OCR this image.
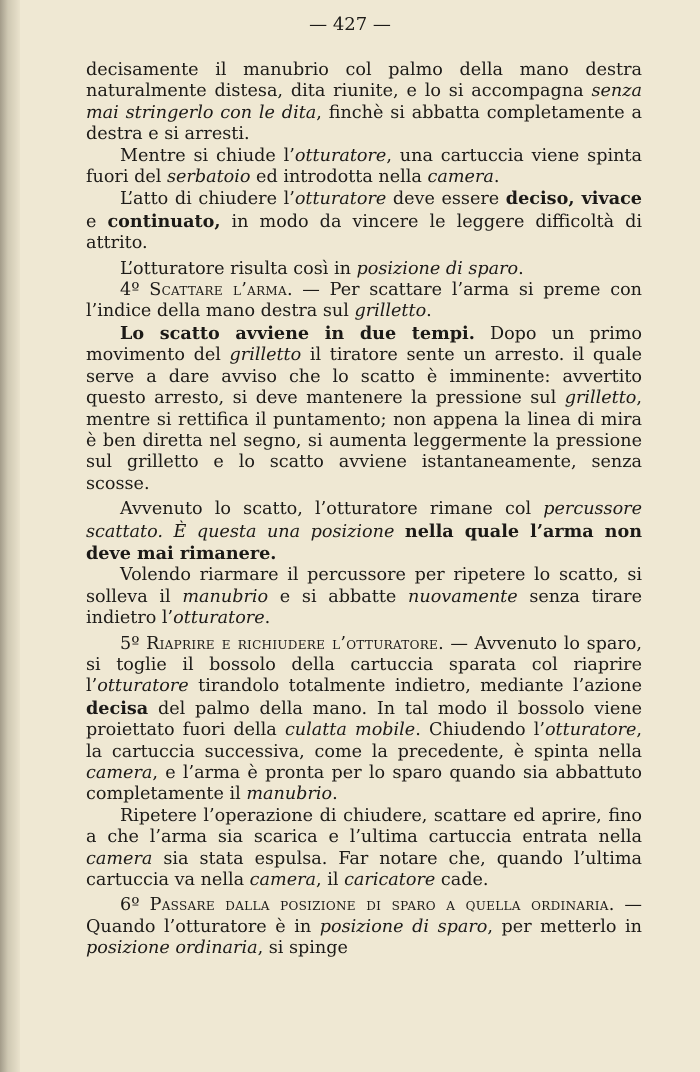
— 427 —

decisamente il manubrio col palmo della mano destra naturalmente distesa, dita riunite, e lo si accompagna senza mai stringerlo con le dita, finchè si abbatta completamente a destra e si arresti.

Mentre si chiude l’otturatore, una cartuccia viene spinta fuori del serbatoio ed introdotta nella camera.

L’atto di chiudere l’otturatore deve essere deciso, vivace e continuato, in modo da vincere le leggere difficoltà di attrito.

L’otturatore risulta così in posizione di sparo.

4º Scattare l’arma. — Per scattare l’arma si preme con l’indice della mano destra sul grilletto.

Lo scatto avviene in due tempi. Dopo un primo movimento del grilletto il tiratore sente un arresto. il quale serve a dare avviso che lo scatto è imminente: avvertito questo arresto, si deve mantenere la pressione sul grilletto, mentre si rettifica il puntamento; non appena la linea di mira è ben diretta nel segno, si aumenta leggermente la pressione sul grilletto e lo scatto avviene istantaneamente, senza scosse.

Avvenuto lo scatto, l’otturatore rimane col percussore scattato. È questa una posizione nella quale l’arma non deve mai rimanere.

Volendo riarmare il percussore per ripetere lo scatto, si solleva il manubrio e si abbatte nuovamente senza tirare indietro l’otturatore.

5º Riaprire e richiudere l’otturatore. — Avvenuto lo sparo, si toglie il bossolo della cartuccia sparata col riaprire l’otturatore tirandolo totalmente indietro, mediante l’azione decisa del palmo della mano. In tal modo il bossolo viene proiettato fuori della culatta mobile. Chiudendo l’otturatore, la cartuccia successiva, come la precedente, è spinta nella camera, e l’arma è pronta per lo sparo quando sia abbattuto completamente il manubrio.

Ripetere l’operazione di chiudere, scattare ed aprire, fino a che l’arma sia scarica e l’ultima cartuccia entrata nella camera sia stata espulsa. Far notare che, quando l’ultima cartuccia va nella camera, il caricatore cade.

6º Passare dalla posizione di sparo a quella ordinaria. — Quando l’otturatore è in posizione di sparo, per metterlo in posizione ordinaria, si spinge
